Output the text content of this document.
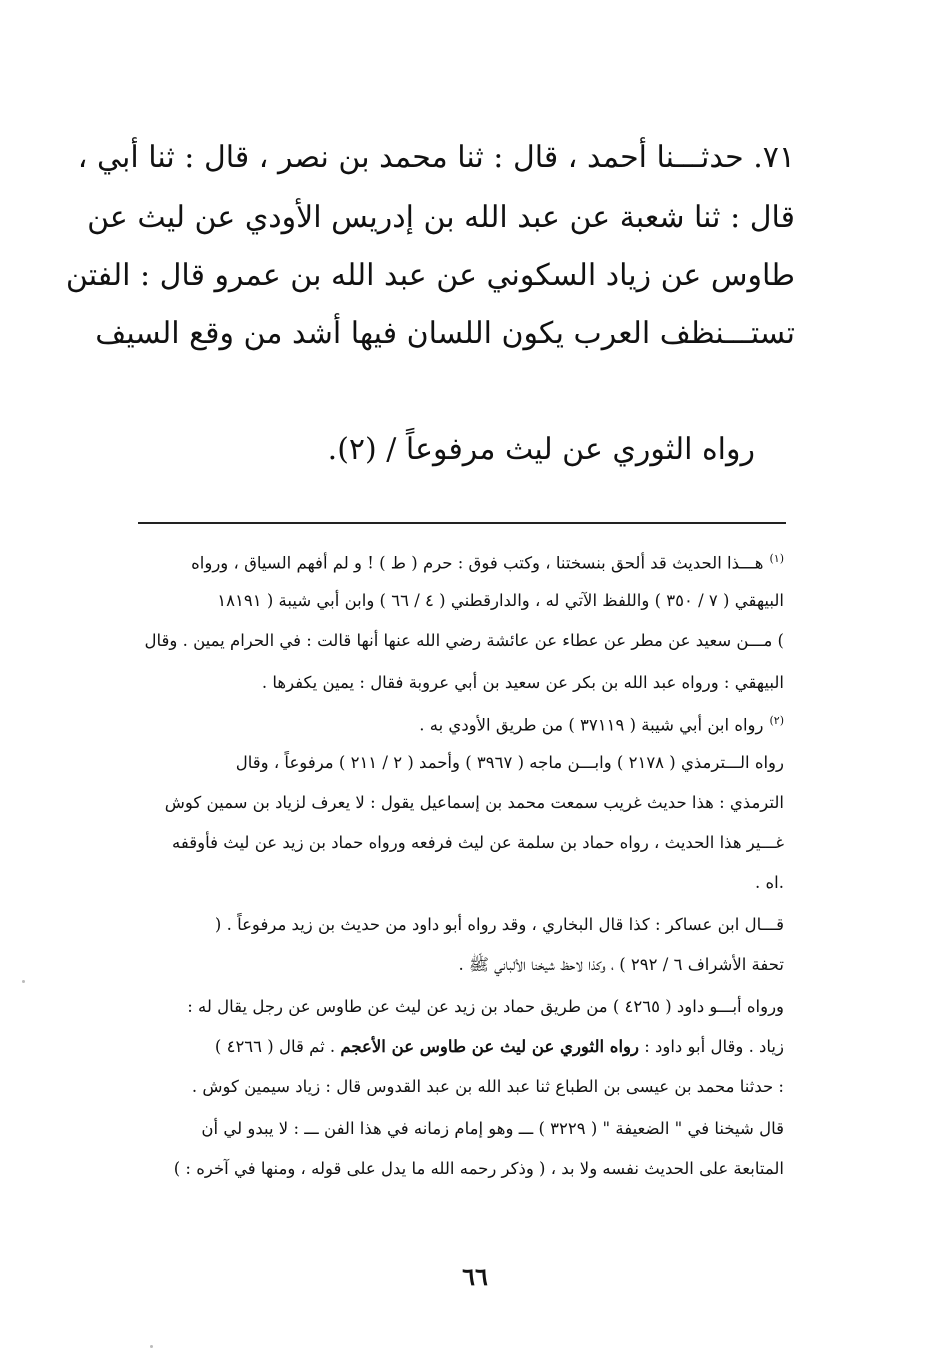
٧١. حدثـــنا أحمد ، قال : ثنا محمد بن نصر ، قال : ثنا أبي ،
قال : ثنا شعبة عن عبد الله بن إدريس الأودي عن ليث عن
طاوس عن زياد السكوني عن عبد الله بن عمرو قال : الفتن
تستـــنظف العرب يكون اللسان فيها أشد من وقع السيف
رواه الثوري عن ليث مرفوعاً / (٢).
$^{(١)}$هـــذا الحديث قد ألحق بنسختنا ، وكتب فوق : حرم ( ط ) ! و لم أفهم السياق ، ورواه
البيهقي ( ٧ / ٣٥٠ ) واللفظ الآتي له ، والدارقطني ( ٤ / ٦٦ ) وابن أبي شيبة ( ١٨١٩١
) مـــن سعيد عن مطر عن عطاء عن عائشة رضي الله عنها أنها قالت : في الحرام يمين . وقال
البيهقي : ورواه عبد الله بن بكر عن سعيد بن أبي عروبة فقال : يمين يكفرها .
$^{(٢)}$رواه ابن أبي شيبة ( ٣٧١١٩ ) من طريق الأودي به .
رواه الـــترمذي ( ٢١٧٨ ) وابـــن ماجه ( ٣٩٦٧ ) وأحمد ( ٢ / ٢١١ ) مرفوعاً ، وقال
الترمذي : هذا حديث غريب سمعت محمد بن إسماعيل يقول : لا يعرف لزياد بن سمين كوش
غـــير هذا الحديث ، رواه حماد بن سلمة عن ليث فرفعه ورواه حماد بن زيد عن ليث فأوقفه
.اه .
قـــال ابن عساكر : كذا قال البخاري ، وقد رواه أبو داود من حديث بن زيد مرفوعاً . (
تحفة الأشراف ٦ / ٢٩٢ ) ، وكذا لاحظ شيخنا الألباني ﷺ .
ورواه أبـــو داود ( ٤٢٦٥ ) من طريق حماد بن زيد عن ليث عن طاوس عن رجل يقال له :
زياد . وقال أبو داود : رواه الثوري عن ليث عن طاوس عن الأعجم . ثم قال ( ٤٢٦٦ )
: حدثنا محمد بن عيسى بن الطباع ثنا عبد الله بن عبد القدوس قال : زياد سيمين كوش .
قال شيخنا في " الضعيفة " ( ٣٢٢٩ ) ـــ وهو إمام زمانه في هذا الفن ـــ : لا يبدو لي أن
المتابعة على الحديث نفسه ولا بد ، ( وذكر رحمه الله ما يدل على قوله ، ومنها في آخره : )
٦٦
